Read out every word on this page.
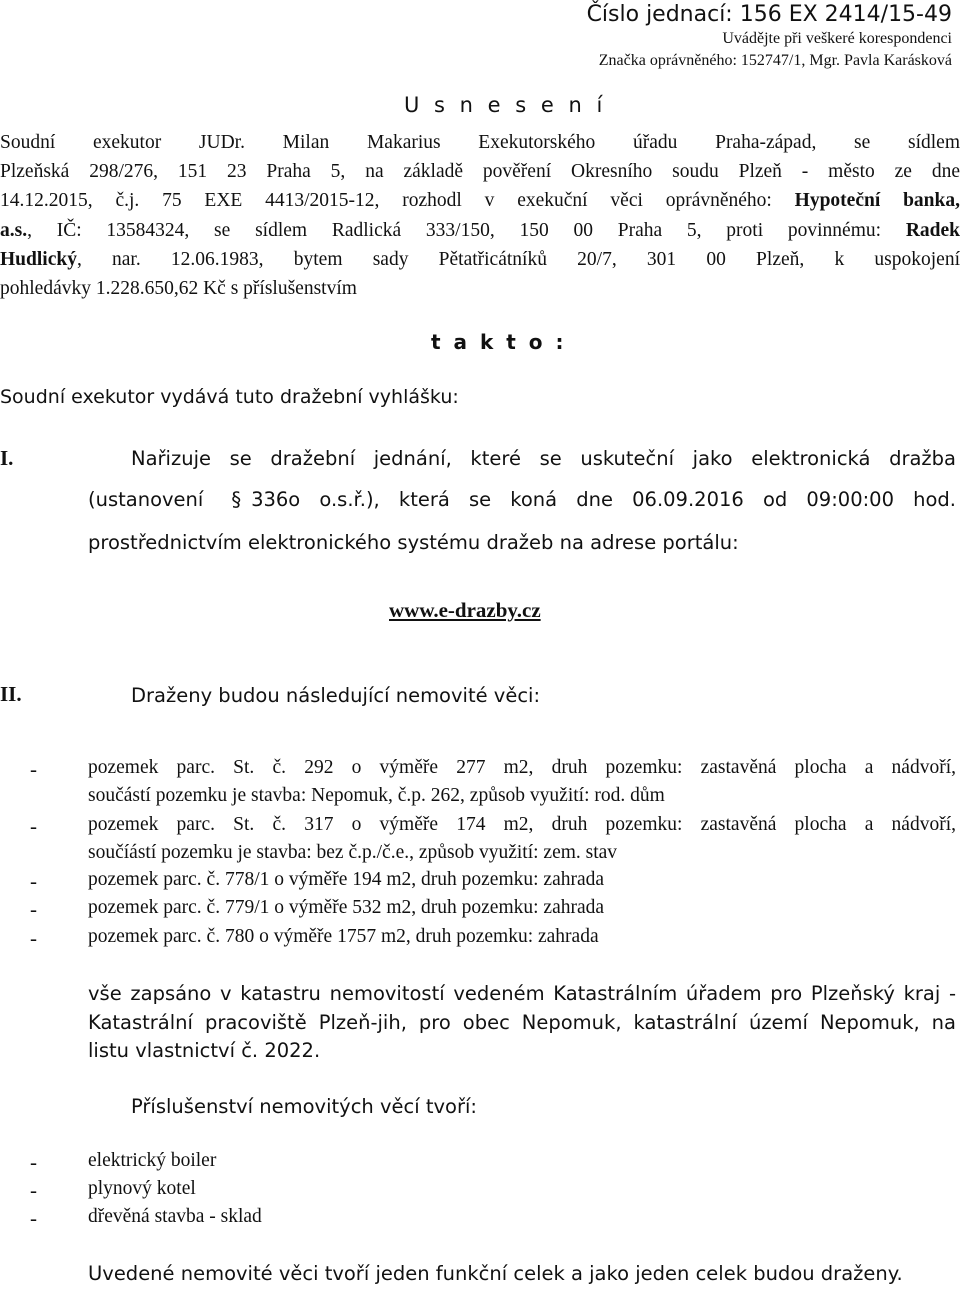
Číslo jednací: 156 EX 2414/15-49
Uvádějte při veškeré korespondenci
Značka oprávněného: 152747/1, Mgr. Pavla Karásková
U s n e s e n í
Soudní exekutor JUDr. Milan Makarius Exekutorského úřadu Praha-západ, se sídlem
Plzeňská 298/276, 151 23 Praha 5, na základě pověření Okresního soudu Plzeň - město ze dne
14.12.2015, č.j. 75 EXE 4413/2015-12, rozhodl v exekuční věci oprávněného: Hypoteční banka,
a.s., IČ: 13584324, se sídlem Radlická 333/150, 150 00 Praha 5, proti povinnému: Radek
Hudlický, nar. 12.06.1983, bytem sady Pětatřicátníků 20/7, 301 00 Plzeň, k uspokojení
pohledávky 1.228.650,62 Kč s příslušenstvím
t a k t o :
Soudní exekutor vydává tuto dražební vyhlášku:
I.	Nařizuje se dražební jednání, které se uskuteční jako elektronická dražba
(ustanovení § 336o o.s.ř.), která se koná dne 06.09.2016 od 09:00:00 hod.
prostřednictvím elektronického systému dražeb na adrese portálu:
www.e-drazby.cz
II.	Draženy budou následující nemovité věci:
-	pozemek parc. St. č. 292 o výměře 277 m2, druh pozemku: zastavěná plocha a nádvoří,
součástí pozemku je stavba: Nepomuk, č.p. 262, způsob využití: rod. dům
-	pozemek parc. St. č. 317 o výměře 174 m2, druh pozemku: zastavěná plocha a nádvoří,
součíástí pozemku je stavba: bez č.p./č.e., způsob využití: zem. stav
-	pozemek parc. č. 778/1 o výměře 194 m2, druh pozemku: zahrada
-	pozemek parc. č. 779/1 o výměře 532 m2, druh pozemku: zahrada
-	pozemek parc. č. 780 o výměře 1757 m2, druh pozemku: zahrada
vše zapsáno v katastru nemovitostí vedeném Katastrálním úřadem pro Plzeňský kraj -
Katastrální pracoviště Plzeň-jih, pro obec Nepomuk, katastrální území Nepomuk, na
listu vlastnictví č. 2022.
Příslušenství nemovitých věcí tvoří:
-	elektrický boiler
-	plynový kotel
-	dřevěná stavba - sklad
Uvedené nemovité věci tvoří jeden funkční celek a jako jeden celek budou draženy.
